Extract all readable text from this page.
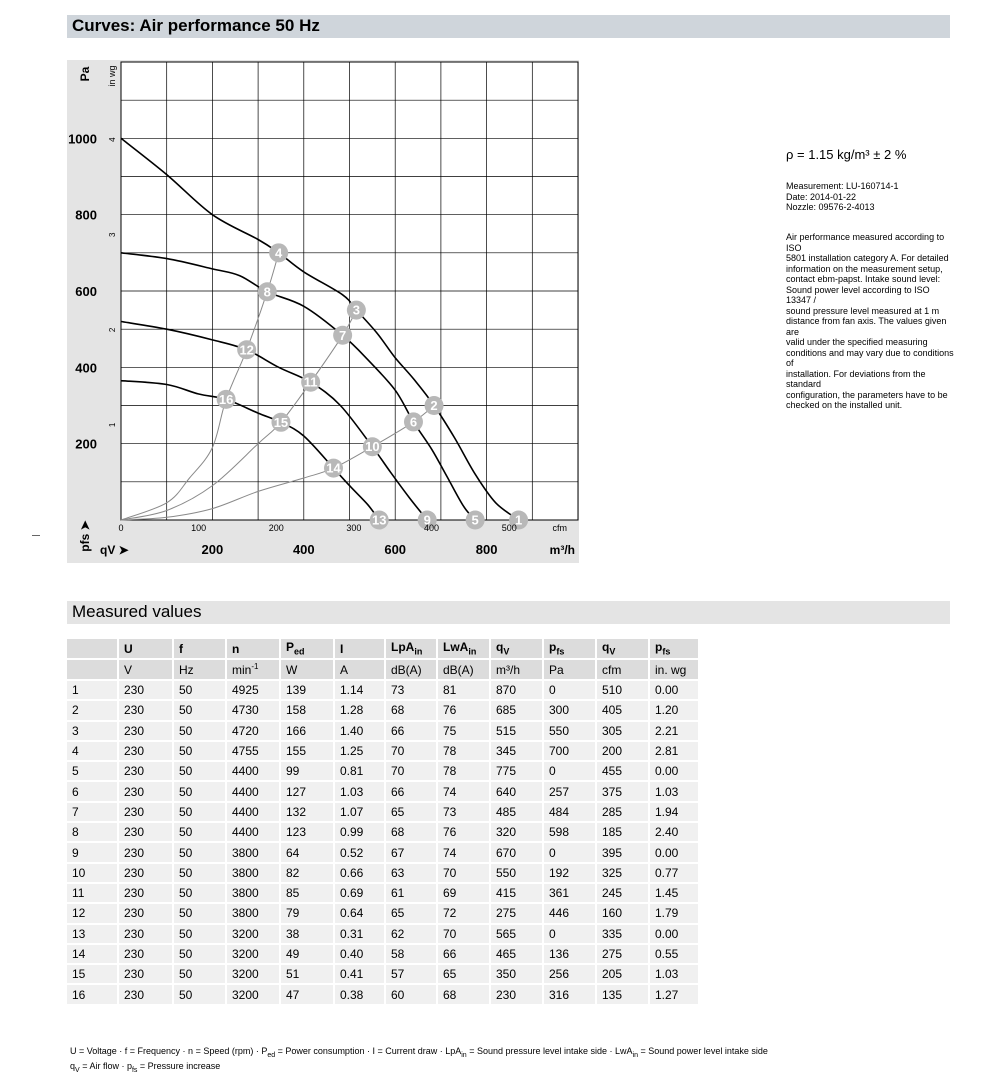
Curves: Air performance 50 Hz
1
2
3
4
5
6
7
8
9
10
11
12
13
14
15
16
1000
800
600
400
200
4
3
2
1
Pa in wg
pfs ➤	0	100	200	300	400	500	cfm
200	400	600	800
qV ➤	m³/h
ρ = 1.15 kg/m³ ± 2 %
Measurement: LU-160714-1
Date: 2014-01-22
Nozzle: 09576-2-4013
Air performance measured according to ISO
5801 installation category A. For detailed
information on the measurement setup,
contact ebm-papst. Intake sound level:
Sound power level according to ISO 13347 /
sound pressure level measured at 1 m
distance from fan axis. The values given are
valid under the specified measuring
conditions and may vary due to conditions of
installation. For deviations from the standard
configuration, the parameters have to be
checked on the installed unit.
Measured values
	U	f	n	$P_{ed}$	I	LpA$_{in}$	LwA$_{in}$	$q_V$	$p_{fs}$	$q_V$	$p_{fs}$
	V	Hz	$\min^{-1}$	W	A	dB(A)	dB(A)	m³/h	Pa	cfm	in. wg
1	230	50	4925	139	1.14	73	81	870	0	510	0.00
2	230	50	4730	158	1.28	68	76	685	300	405	1.20
3	230	50	4720	166	1.40	66	75	515	550	305	2.21
4	230	50	4755	155	1.25	70	78	345	700	200	2.81
5	230	50	4400	99	0.81	70	78	775	0	455	0.00
6	230	50	4400	127	1.03	66	74	640	257	375	1.03
7	230	50	4400	132	1.07	65	73	485	484	285	1.94
8	230	50	4400	123	0.99	68	76	320	598	185	2.40
9	230	50	3800	64	0.52	67	74	670	0	395	0.00
10	230	50	3800	82	0.66	63	70	550	192	325	0.77
11	230	50	3800	85	0.69	61	69	415	361	245	1.45
12	230	50	3800	79	0.64	65	72	275	446	160	1.79
13	230	50	3200	38	0.31	62	70	565	0	335	0.00
14	230	50	3200	49	0.40	58	66	465	136	275	0.55
15	230	50	3200	51	0.41	57	65	350	256	205	1.03
16	230	50	3200	47	0.38	60	68	230	316	135	1.27
U = Voltage · f = Frequency · n = Speed $(rpm) \cdot P_{ed}$ = Power consumption · I = Current draw · LpA$_{in}$ = Sound pressure level intake side · LwA$_{in}$ = Sound power level intake side
$q_V$ = Air flow · $p_{fs}$ = Pressure increase
